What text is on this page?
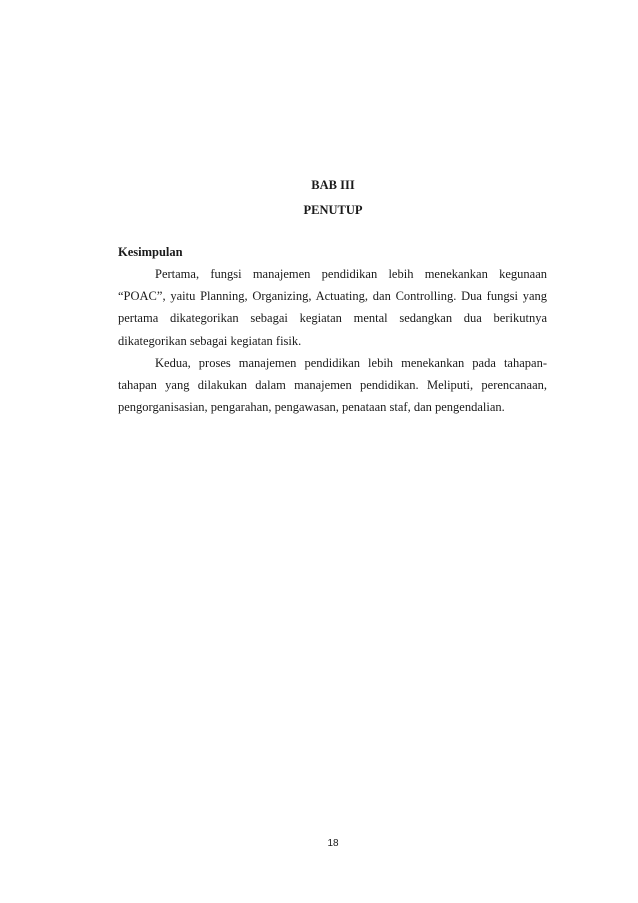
BAB III
PENUTUP
Kesimpulan

Pertama, fungsi manajemen pendidikan lebih menekankan kegunaan “POAC”, yaitu Planning, Organizing, Actuating, dan Controlling. Dua fungsi yang pertama dikategorikan sebagai kegiatan mental sedangkan dua berikutnya dikategorikan sebagai kegiatan fisik.

Kedua, proses manajemen pendidikan lebih menekankan pada tahapan-tahapan yang dilakukan dalam manajemen pendidikan. Meliputi, perencanaan, pengorganisasian, pengarahan, pengawasan, penataan staf, dan pengendalian.

18
